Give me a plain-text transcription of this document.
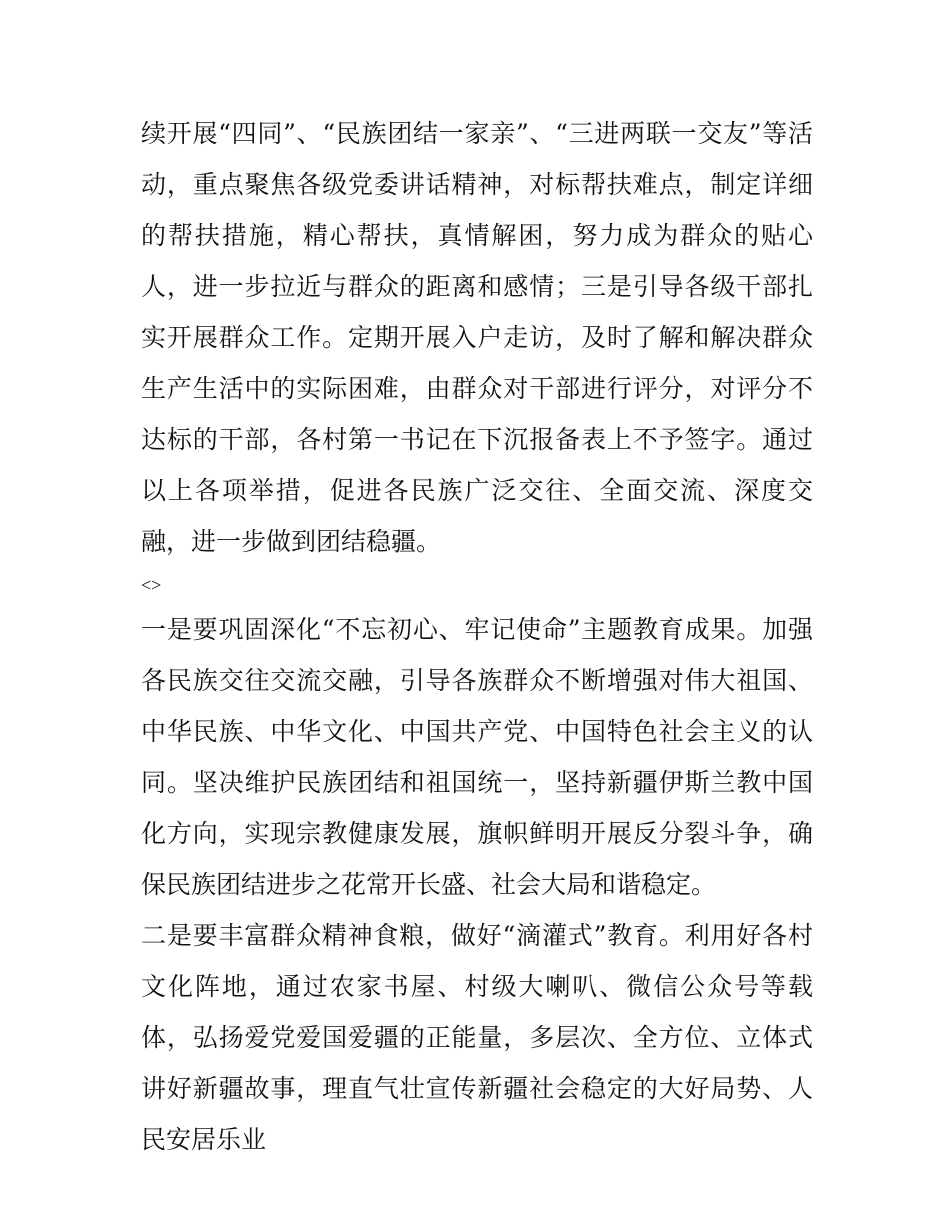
续开展“四同”、“民族团结一家亲”、“三进两联一交友”等活动，重点聚焦各级党委讲话精神，对标帮扶难点，制定详细的帮扶措施，精心帮扶，真情解困，努力成为群众的贴心人，进一步拉近与群众的距离和感情；三是引导各级干部扎实开展群众工作。定期开展入户走访，及时了解和解决群众生产生活中的实际困难，由群众对干部进行评分，对评分不达标的干部，各村第一书记在下沉报备表上不予签字。通过以上各项举措，促进各民族广泛交往、全面交流、深度交融，进一步做到团结稳疆。

<>

一是要巩固深化“不忘初心、牢记使命”主题教育成果。加强各民族交往交流交融，引导各族群众不断增强对伟大祖国、中华民族、中华文化、中国共产党、中国特色社会主义的认同。坚决维护民族团结和祖国统一，坚持新疆伊斯兰教中国化方向，实现宗教健康发展，旗帜鲜明开展反分裂斗争，确保民族团结进步之花常开长盛、社会大局和谐稳定。

二是要丰富群众精神食粮，做好“滴灌式”教育。利用好各村文化阵地，通过农家书屋、村级大喇叭、微信公众号等载体，弘扬爱党爱国爱疆的正能量，多层次、全方位、立体式讲好新疆故事，理直气壮宣传新疆社会稳定的大好局势、人民安居乐业
